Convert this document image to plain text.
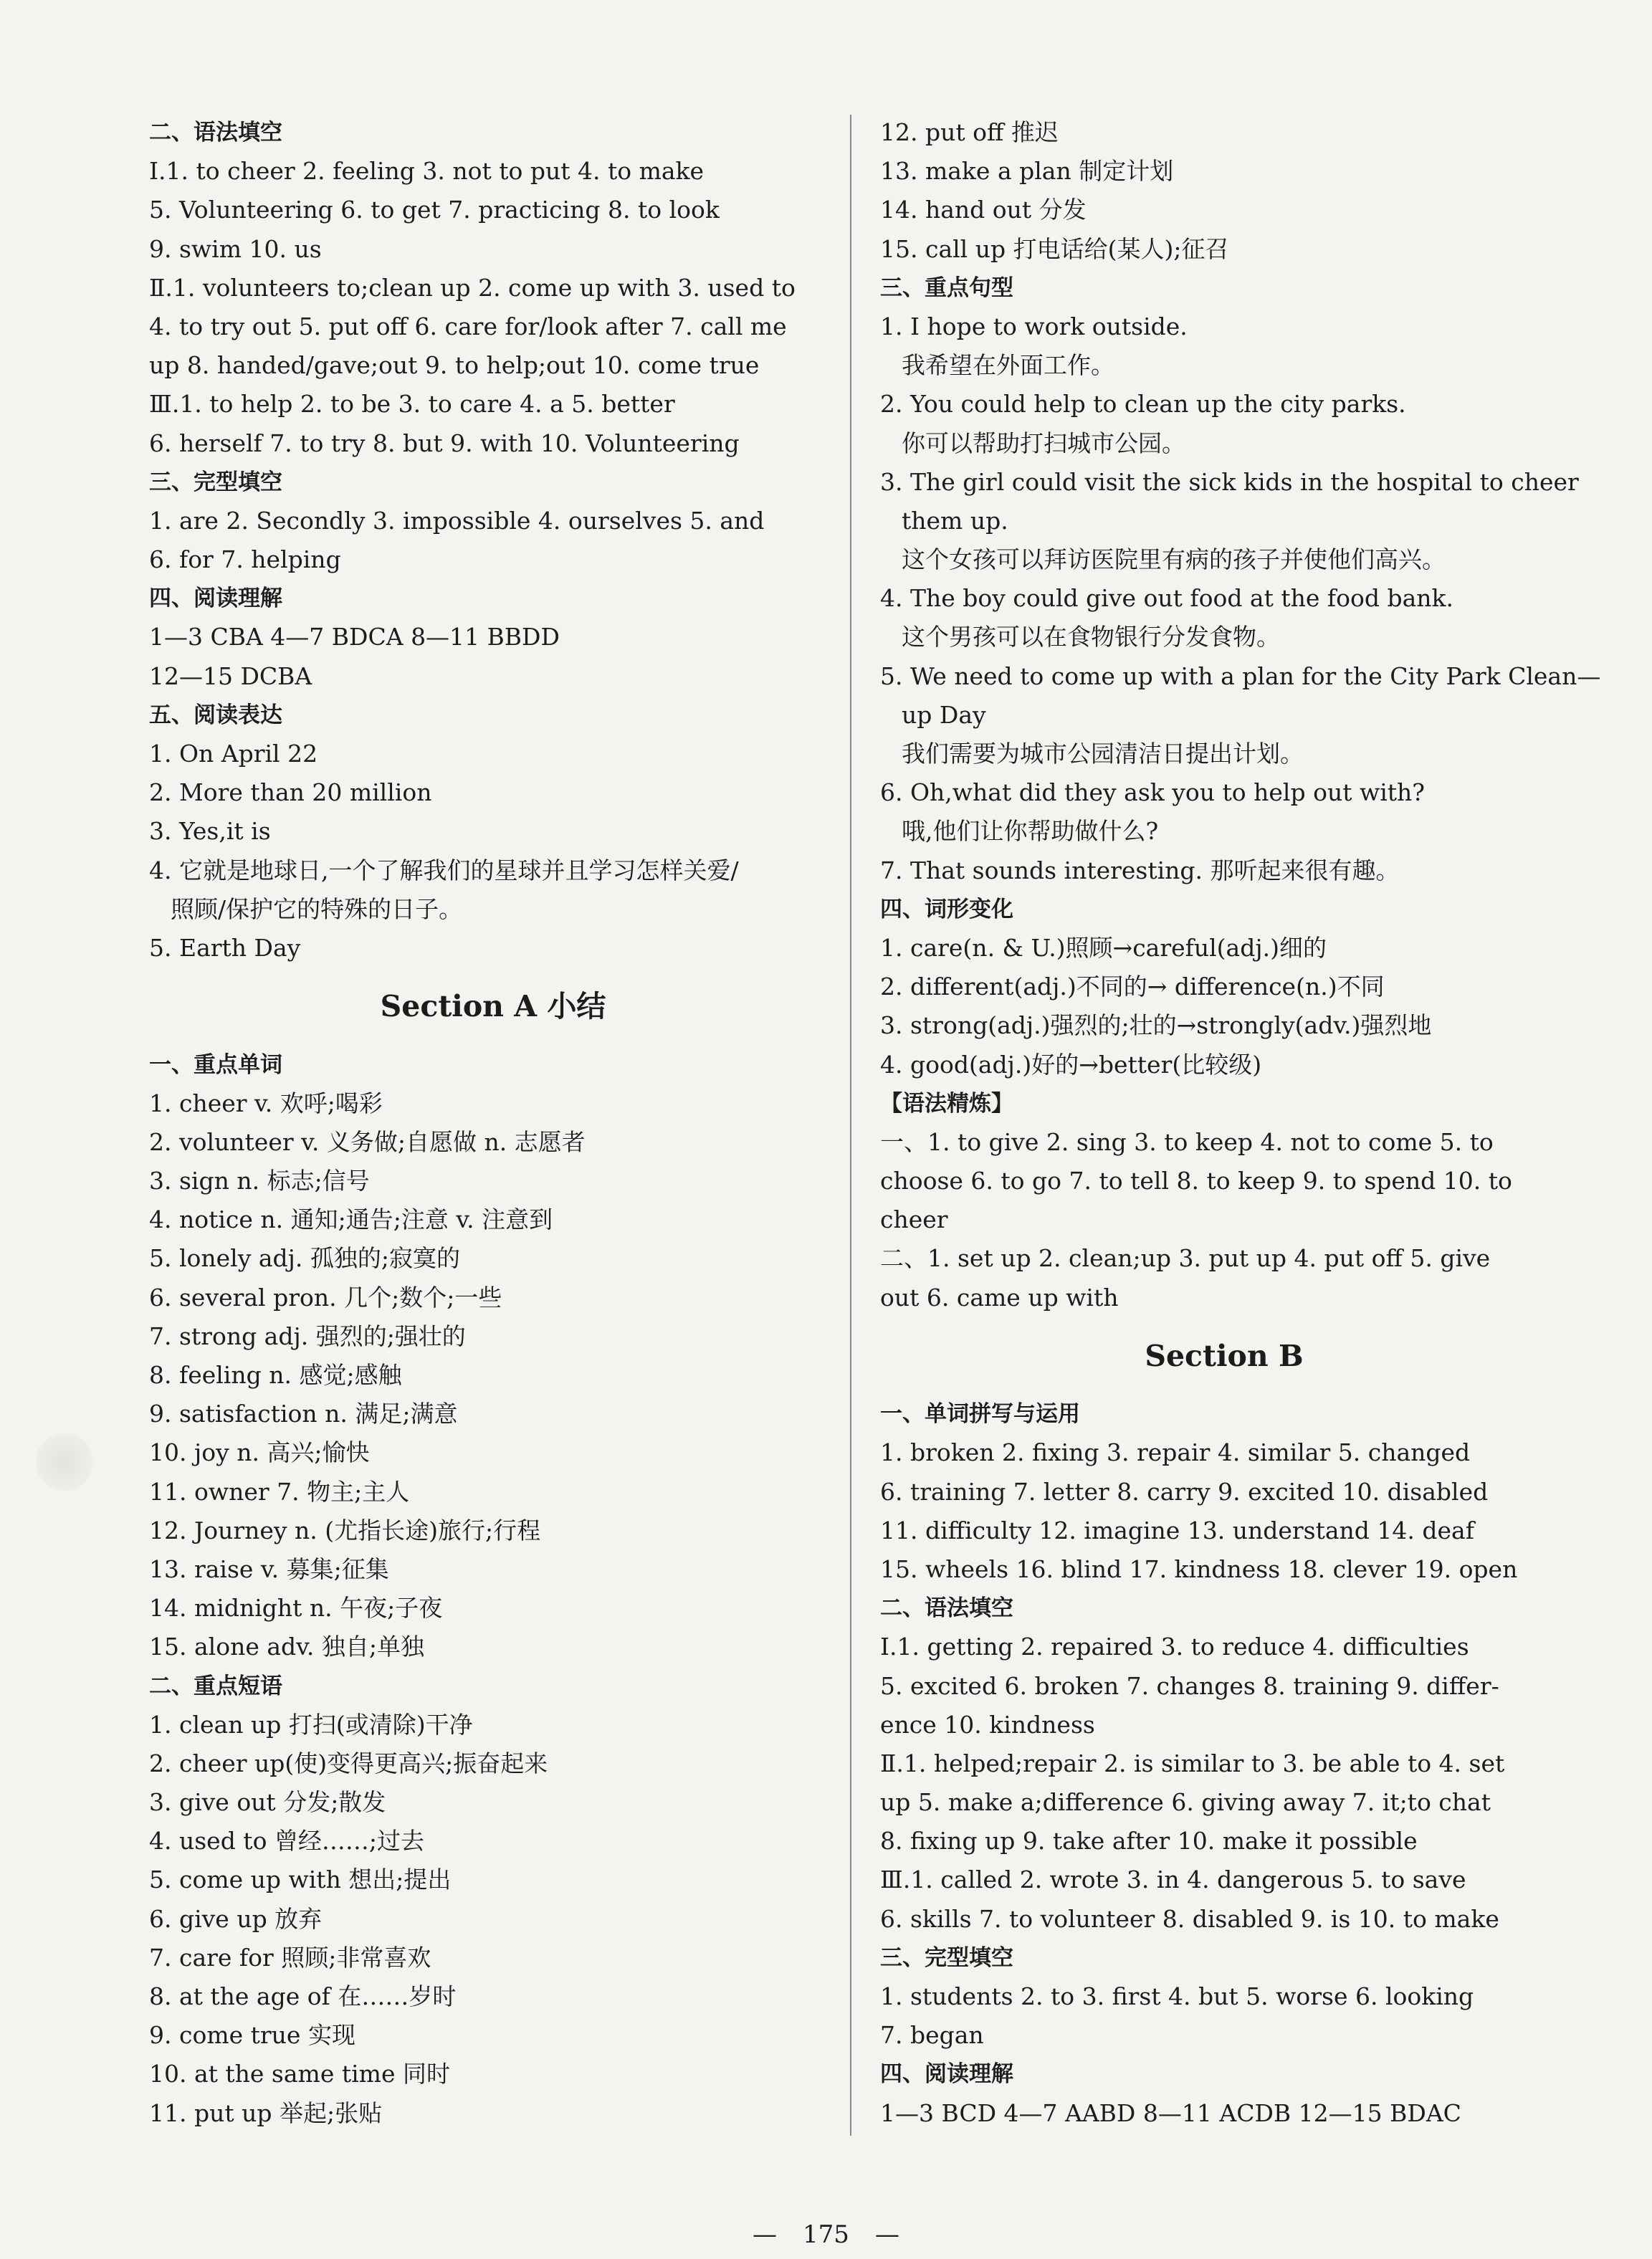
二、语法填空
Ⅰ.1. to cheer 2. feeling 3. not to put 4. to make
5. Volunteering 6. to get 7. practicing 8. to look
9. swim 10. us
Ⅱ.1. volunteers to;clean up 2. come up with 3. used to
4. to try out 5. put off 6. care for/look after 7. call me
up 8. handed/gave;out 9. to help;out 10. come true
Ⅲ.1. to help 2. to be 3. to care 4. a 5. better
6. herself 7. to try 8. but 9. with 10. Volunteering
三、完型填空
1. are 2. Secondly 3. impossible 4. ourselves 5. and
6. for 7. helping
四、阅读理解
1—3 CBA 4—7 BDCA 8—11 BBDD
12—15 DCBA
五、阅读表达
1. On April 22
2. More than 20 million
3. Yes,it is
4. 它就是地球日,一个了解我们的星球并且学习怎样关爱/
照顾/保护它的特殊的日子。
5. Earth Day
Section A 小结
一、重点单词
1. cheer v. 欢呼;喝彩
2. volunteer v. 义务做;自愿做 n. 志愿者
3. sign n. 标志;信号
4. notice n. 通知;通告;注意 v. 注意到
5. lonely adj. 孤独的;寂寞的
6. several pron. 几个;数个;一些
7. strong adj. 强烈的;强壮的
8. feeling n. 感觉;感触
9. satisfaction n. 满足;满意
10. joy n. 高兴;愉快
11. owner 7. 物主;主人
12. Journey n. (尤指长途)旅行;行程
13. raise v. 募集;征集
14. midnight n. 午夜;子夜
15. alone adv. 独自;单独
二、重点短语
1. clean up 打扫(或清除)干净
2. cheer up(使)变得更高兴;振奋起来
3. give out 分发;散发
4. used to 曾经……;过去
5. come up with 想出;提出
6. give up 放弃
7. care for 照顾;非常喜欢
8. at the age of 在……岁时
9. come true 实现
10. at the same time 同时
11. put up 举起;张贴
12. put off 推迟
13. make a plan 制定计划
14. hand out 分发
15. call up 打电话给(某人);征召
三、重点句型
1. I hope to work outside.
我希望在外面工作。
2. You could help to clean up the city parks.
你可以帮助打扫城市公园。
3. The girl could visit the sick kids in the hospital to cheer
them up.
这个女孩可以拜访医院里有病的孩子并使他们高兴。
4. The boy could give out food at the food bank.
这个男孩可以在食物银行分发食物。
5. We need to come up with a plan for the City Park Clean—
up Day
我们需要为城市公园清洁日提出计划。
6. Oh,what did they ask you to help out with?
哦,他们让你帮助做什么?
7. That sounds interesting. 那听起来很有趣。
四、词形变化
1. care(n. & U.)照顾→careful(adj.)细的
2. different(adj.)不同的→ difference(n.)不同
3. strong(adj.)强烈的;壮的→strongly(adv.)强烈地
4. good(adj.)好的→better(比较级)
【语法精炼】
一、1. to give 2. sing 3. to keep 4. not to come 5. to
choose 6. to go 7. to tell 8. to keep 9. to spend 10. to
cheer
二、1. set up 2. clean;up 3. put up 4. put off 5. give
out 6. came up with
Section B
一、单词拼写与运用
1. broken 2. fixing 3. repair 4. similar 5. changed
6. training 7. letter 8. carry 9. excited 10. disabled
11. difficulty 12. imagine 13. understand 14. deaf
15. wheels 16. blind 17. kindness 18. clever 19. open
二、语法填空
Ⅰ.1. getting 2. repaired 3. to reduce 4. difficulties
5. excited 6. broken 7. changes 8. training 9. differ-
ence 10. kindness
Ⅱ.1. helped;repair 2. is similar to 3. be able to 4. set
up 5. make a;difference 6. giving away 7. it;to chat
8. fixing up 9. take after 10. make it possible
Ⅲ.1. called 2. wrote 3. in 4. dangerous 5. to save
6. skills 7. to volunteer 8. disabled 9. is 10. to make
三、完型填空
1. students 2. to 3. first 4. but 5. worse 6. looking
7. began
四、阅读理解
1—3 BCD 4—7 AABD 8—11 ACDB 12—15 BDAC
— 175 —
